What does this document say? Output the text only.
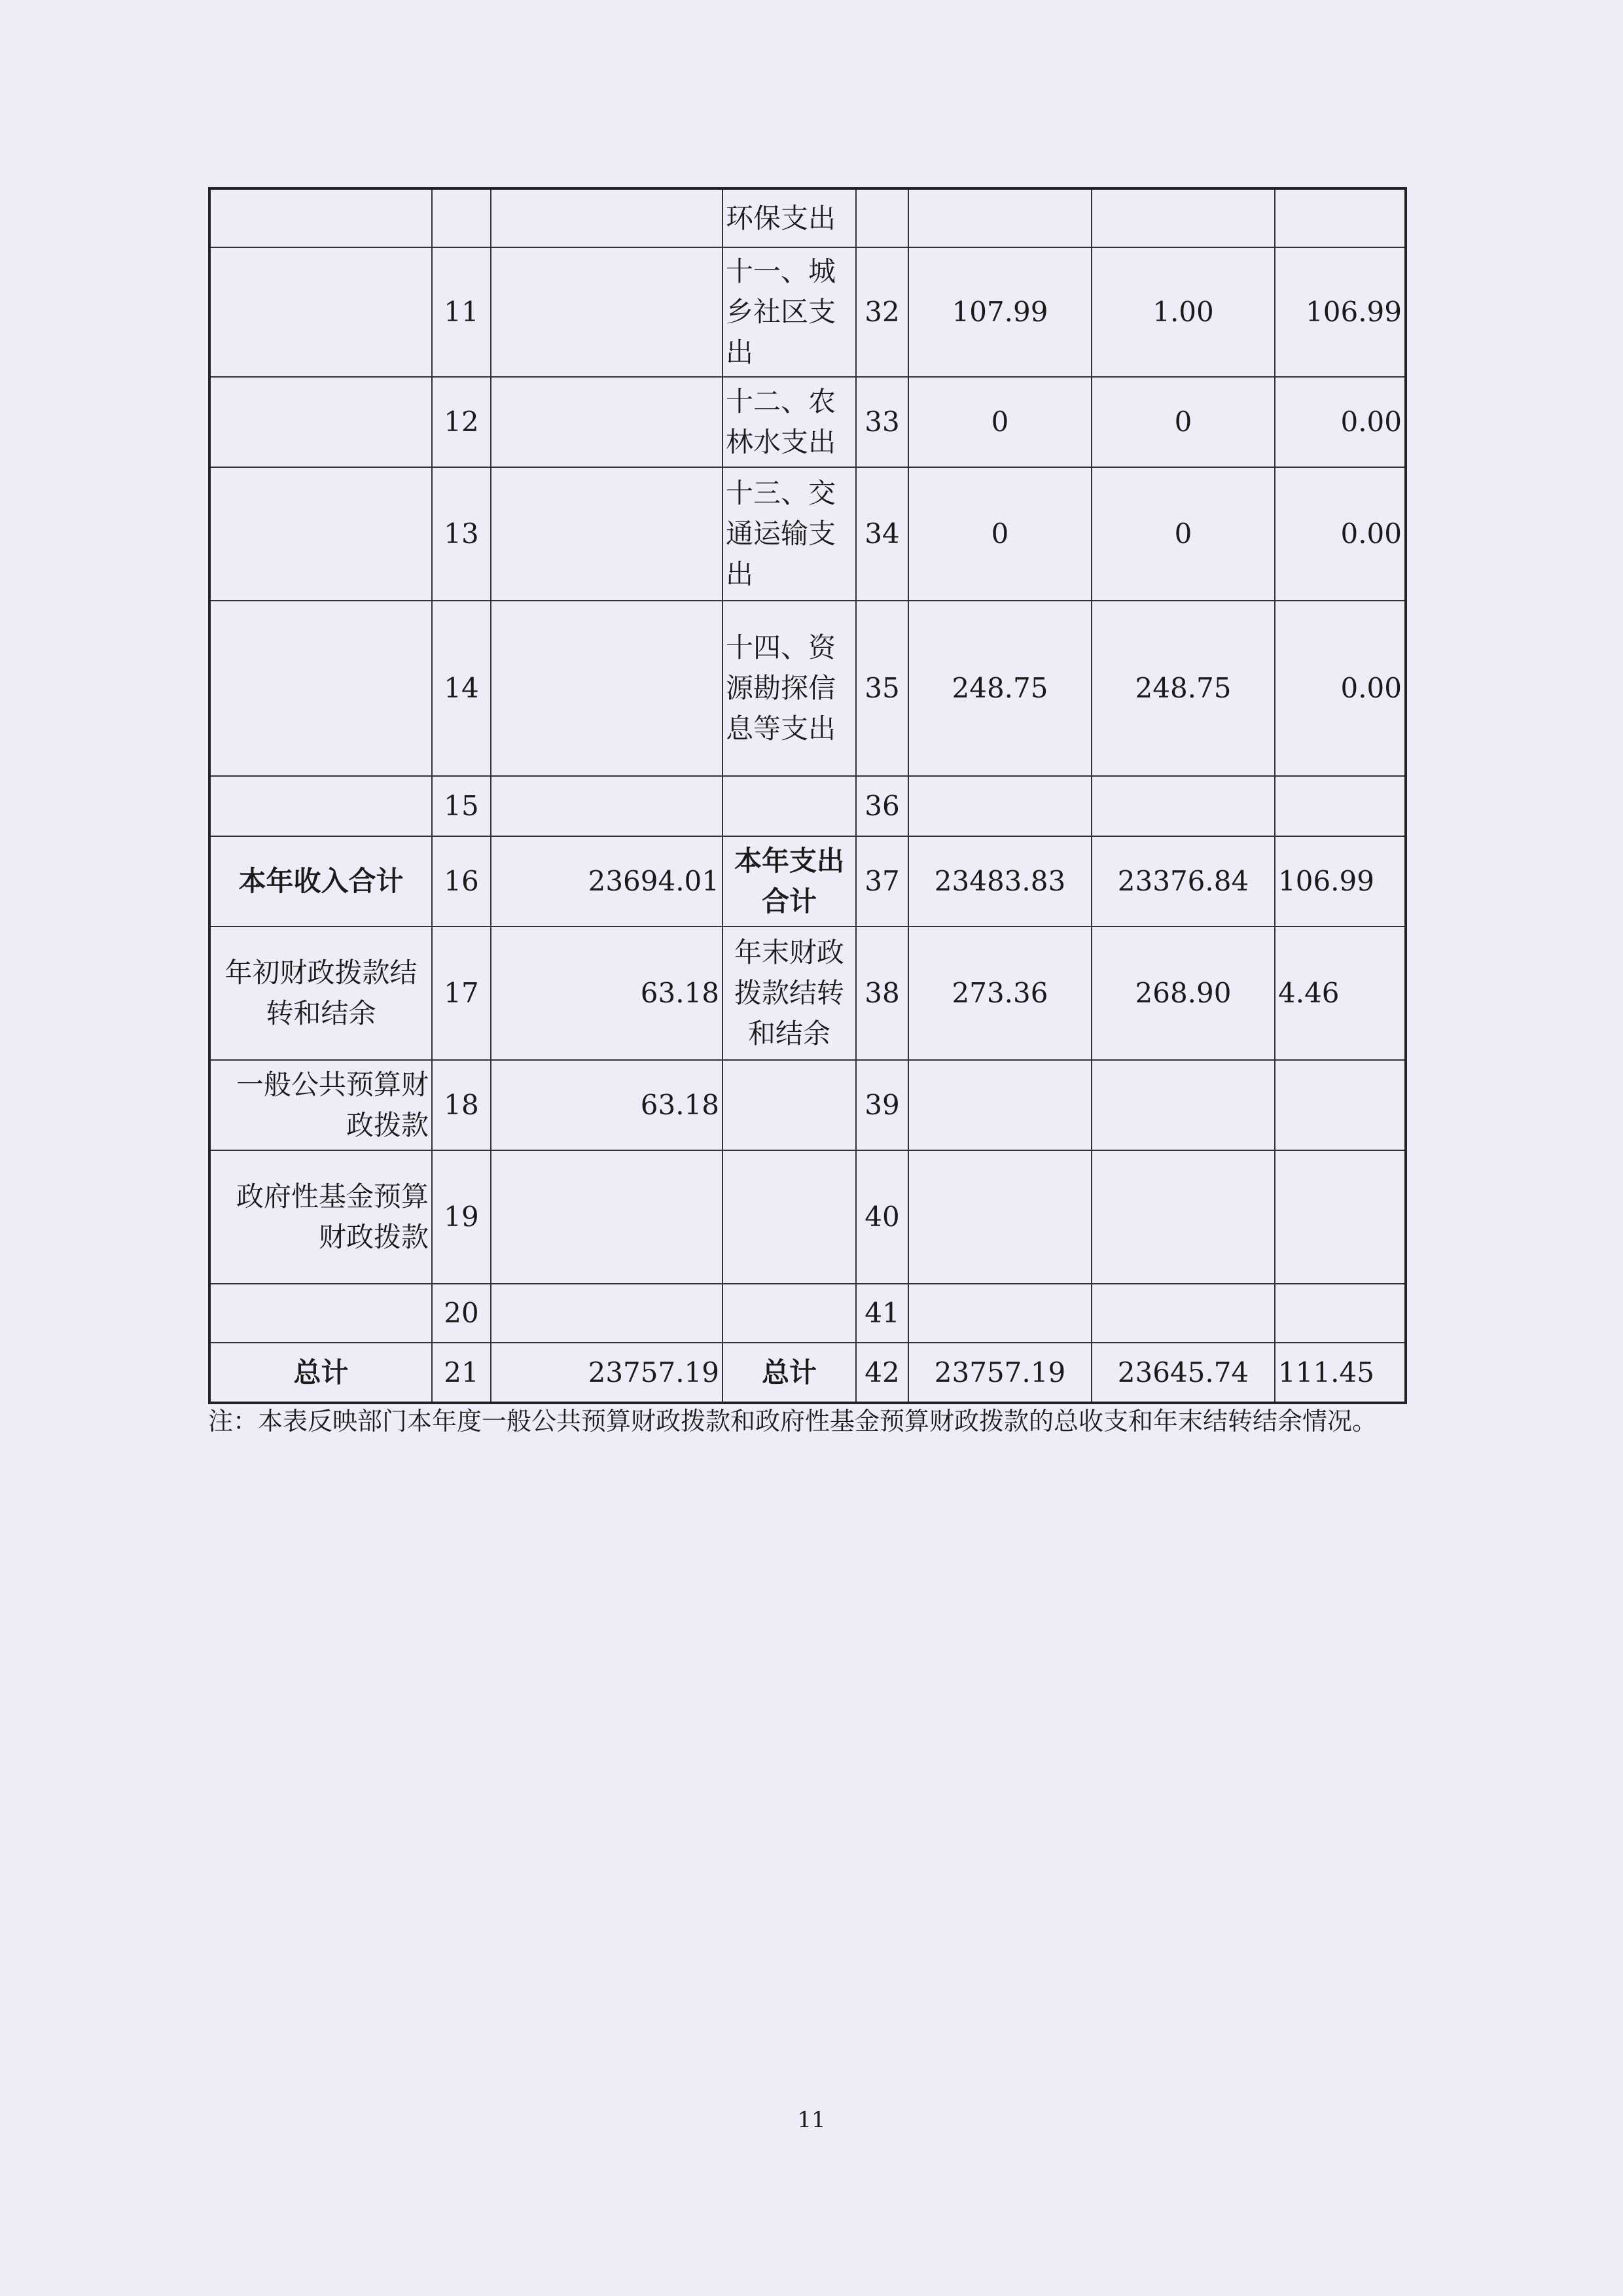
			环保支出				
	11		十一、城乡社区支出	32	107.99	1.00	106.99
	12		十二、农林水支出	33	0	0	0.00
	13		十三、交通运输支出	34	0	0	0.00
	14		十四、资源勘探信息等支出	35	248.75	248.75	0.00
	15			36			
本年收入合计	16	23694.01	本年支出合计	37	23483.83	23376.84	106.99
年初财政拨款结转和结余	17	63.18	年末财政拨款结转和结余	38	273.36	268.90	4.46
一般公共预算财政拨款	18	63.18		39			
政府性基金预算财政拨款	19			40			
	20			41			
总计	21	23757.19	总计	42	23757.19	23645.74	111.45
注：本表反映部门本年度一般公共预算财政拨款和政府性基金预算财政拨款的总收支和年末结转结余情况。
11
